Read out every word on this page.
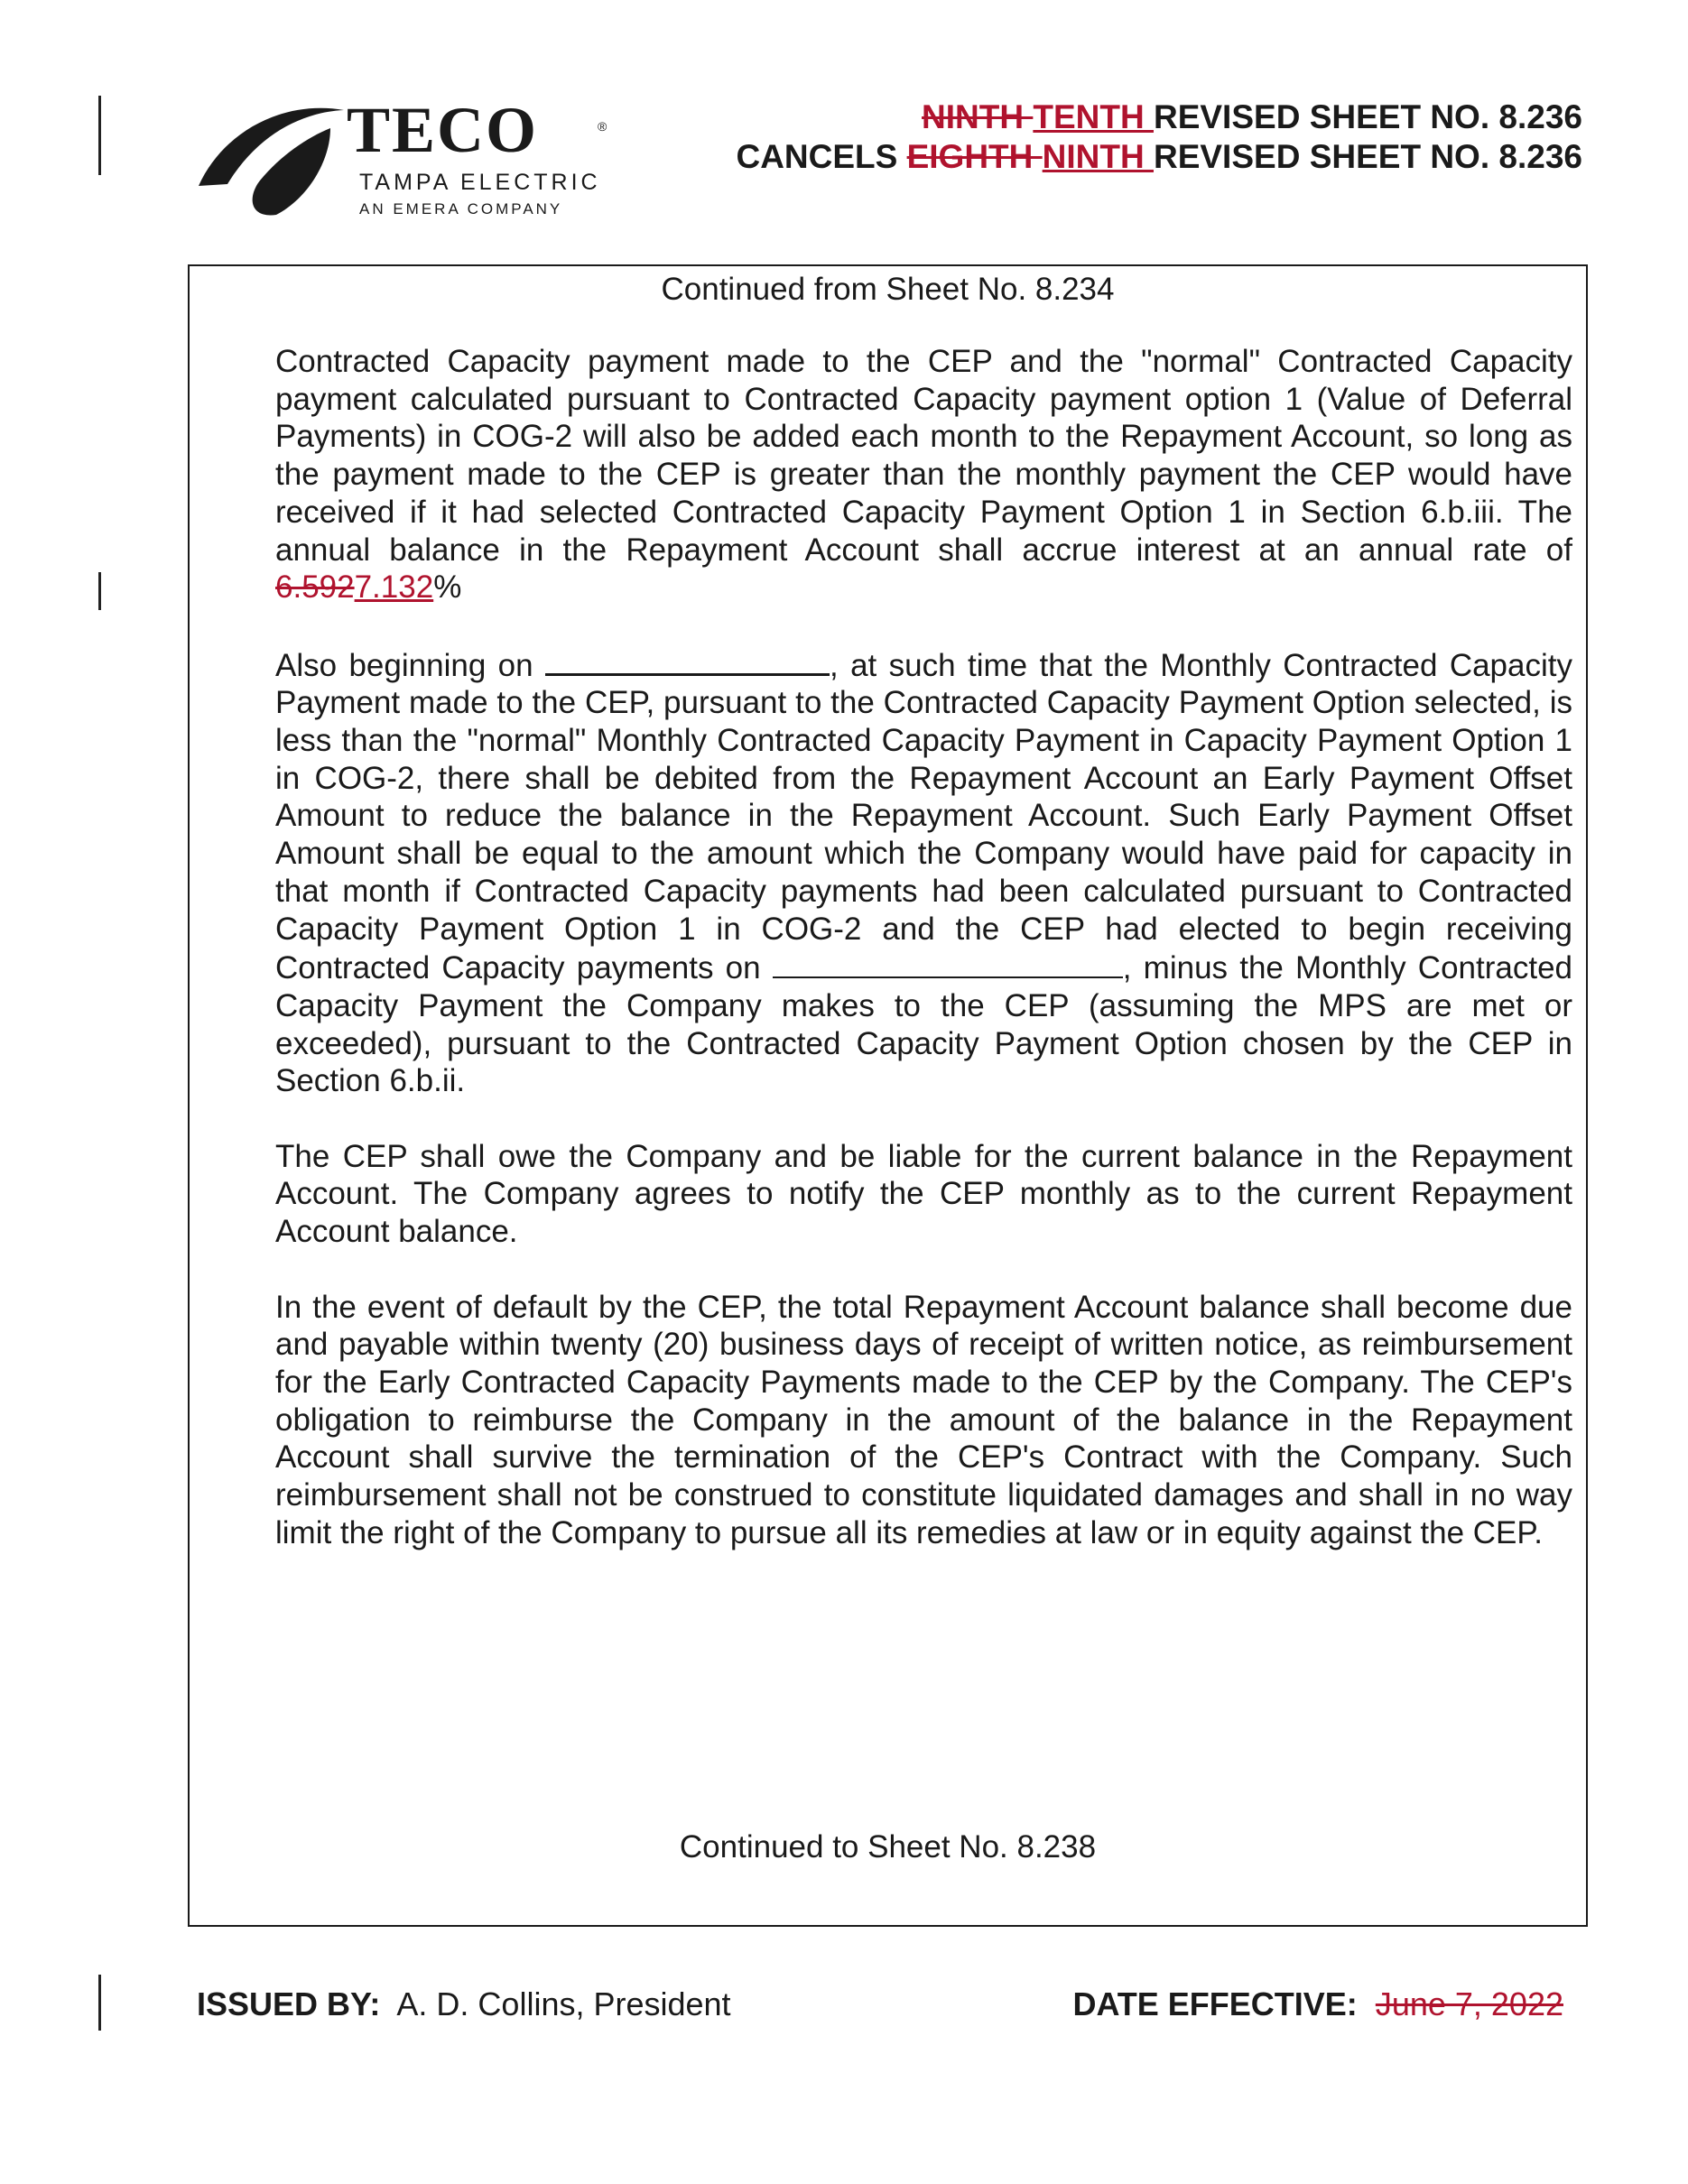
TECO	®
TAMPA ELECTRIC
AN EMERA COMPANY
NINTH TENTH REVISED SHEET NO. 8.236
CANCELS EIGHTH NINTH REVISED SHEET NO. 8.236
Continued from Sheet No. 8.234

Contracted Capacity payment made to the CEP and the "normal" Contracted Capacity payment calculated pursuant to Contracted Capacity payment option 1 (Value of Deferral Payments) in COG-2 will also be added each month to the Repayment Account, so long as the payment made to the CEP is greater than the monthly payment the CEP would have received if it had selected Contracted Capacity Payment Option 1 in Section 6.b.iii. The annual balance in the Repayment Account shall accrue interest at an annual rate of 6.5927.132%

Also beginning on	, at such time that the Monthly Contracted Capacity Payment made to the CEP, pursuant to the Contracted Capacity Payment Option selected, is less than the "normal" Monthly Contracted Capacity Payment in Capacity Payment Option 1 in COG-2, there shall be debited from the Repayment Account an Early Payment Offset Amount to reduce the balance in the Repayment Account. Such Early Payment Offset Amount shall be equal to the amount which the Company would have paid for capacity in that month if Contracted Capacity payments had been calculated pursuant to Contracted Capacity Payment Option 1 in COG-2 and the CEP had elected to begin receiving Contracted Capacity payments on	, minus the Monthly Contracted Capacity Payment the Company makes to the CEP (assuming the MPS are met or exceeded), pursuant to the Contracted Capacity Payment Option chosen by the CEP in Section 6.b.ii.

The CEP shall owe the Company and be liable for the current balance in the Repayment Account. The Company agrees to notify the CEP monthly as to the current Repayment Account balance.

In the event of default by the CEP, the total Repayment Account balance shall become due and payable within twenty (20) business days of receipt of written notice, as reimbursement for the Early Contracted Capacity Payments made to the CEP by the Company. The CEP's obligation to reimburse the Company in the amount of the balance in the Repayment Account shall survive the termination of the CEP's Contract with the Company. Such reimbursement shall not be construed to constitute liquidated damages and shall in no way limit the right of the Company to pursue all its remedies at law or in equity against the CEP.

Continued to Sheet No. 8.238
ISSUED BY: A. D. Collins, President	DATE EFFECTIVE: June 7, 2022
